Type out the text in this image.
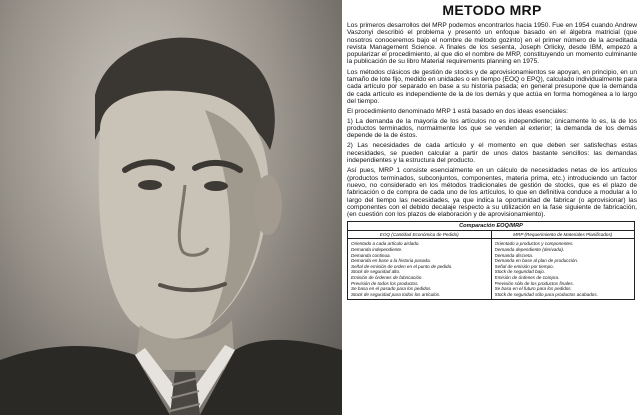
METODO MRP

Los primeros desarrollos del MRP podemos encontrarlos hacia 1950. Fue en 1954 cuando Andrew Vaszonyi describió el problema y presentó un enfoque basado en el álgebra matricial (que nosotros conoceremos bajo el nombre de método gozinto) en el primer número de la acreditada revista Management Science. A finales de los sesenta, Joseph Orlicky, desde IBM, empezó a popularizar el procedimiento, al que dio el nombre de MRP, constituyendo un momento culminante la publicación de su libro Material requirements planning en 1975.

Los métodos clásicos de gestión de stocks y de aprovisionamientos se apoyan, en principio, en un tamaño de lote fijo, medido en unidades o en tiempo (EOQ o EPQ), calculado individualmente para cada artículo por separado en base a su historia pasada; en general presupone que la demanda de cada artículo es independiente de la de los demás y que actúa en forma homogénea a lo largo del tiempo.

El procedimiento denominado MRP 1 está basado en dos ideas esenciales:

1) La demanda de la mayoría de los artículos no es independiente; únicamente lo es, la de los productos terminados, normalmente los que se venden al exterior; la demanda de los demás depende de la de éstos.

2) Las necesidades de cada artículo y el momento en que deben ser satisfechas estas necesidades, se pueden calcular a partir de unos datos bastante sencillos: las demandas independientes y la estructura del producto.

Así pues, MRP 1 consiste esencialmente en un cálculo de necesidades netas de los artículos (productos terminados, subconjuntos, componentes, materia prima, etc.) introduciendo un factor nuevo, no considerado en los métodos tradicionales de gestión de stocks, que es el plazo de fabricación o de compra de cada uno de los artículos, lo que en definitiva conduce a modular a lo largo del tiempo las necesidades, ya que indica la oportunidad de fabricar (o aprovisionar) las componentes con el debido decalaje respecto a su utilización en la fase siguiente de fabricación, (en cuestión con los plazos de elaboración y de aprovisionamiento).

Comparación EOQ/MRP
EOQ (Cantidad Económica de Pedido)	MRP (Requerimiento de Materiales Planificados)
Orientado a cada artículo aislado.
Demanda independiente.
Demanda continua.
Demanda en base a la historia pasada.
Señal de emisión de orden en el punto de pedido.
Stock de seguridad alto.
Emisión de órdenes de fabricación.
Previsión de todos los productos.
Se basa en el pasado para los pedidos.
Stock de seguridad para todos los artículos.
Orientado a productos y componentes.
Demanda dependiente (derivada).
Demanda discreta.
Demanda en base al plan de producción.
Señal de emisión por tiempo.
Stock de seguridad bajo.
Emisión de órdenes de compra.
Previsión sólo de los productos finales.
Se basa en el futuro para los pedidos.
Stock de seguridad sólo para productos acabados.
